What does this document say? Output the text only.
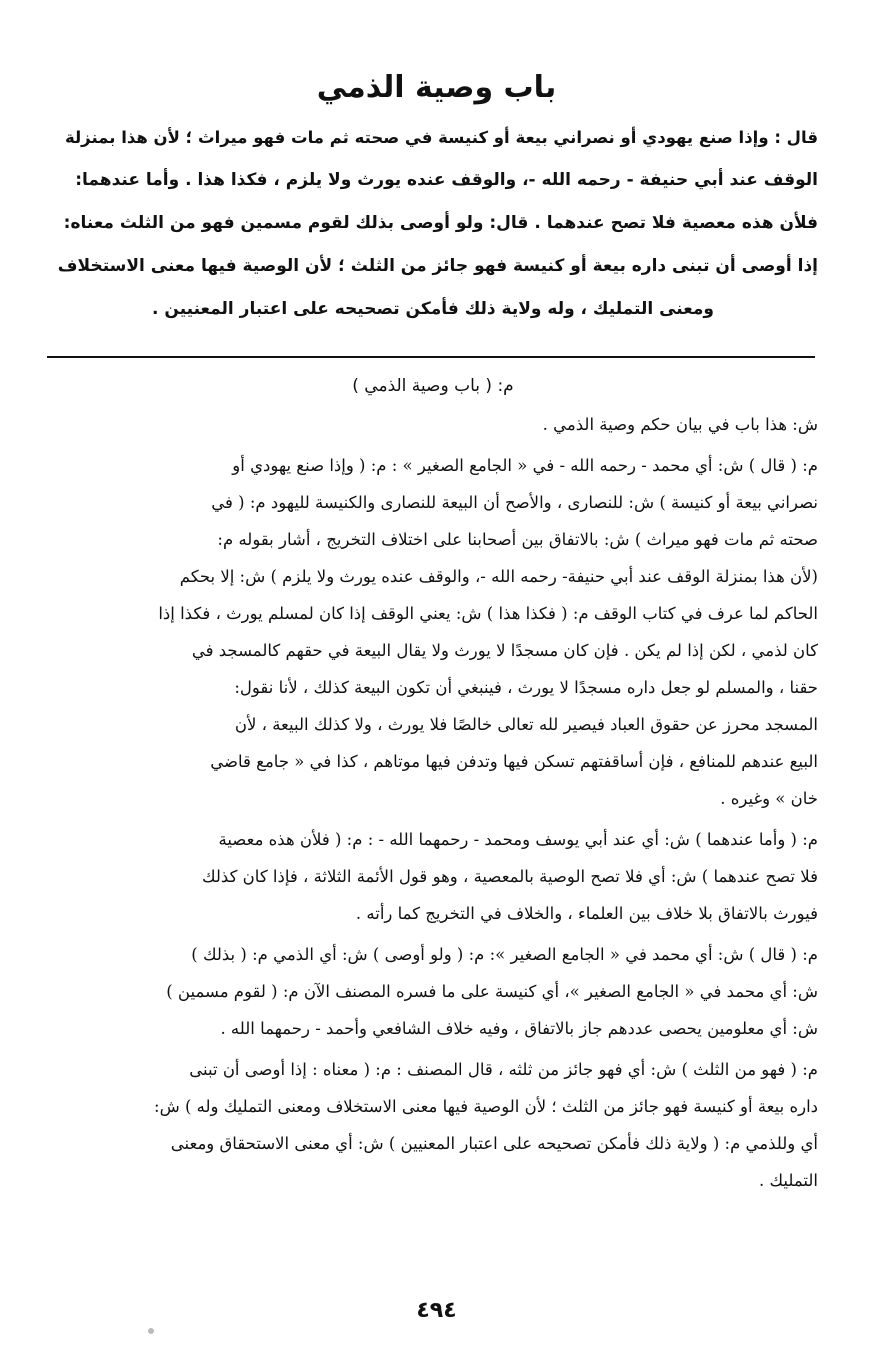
باب وصية الذمي

قال : وإذا صنع يهودي أو نصراني بيعة أو كنيسة في صحته ثم مات فهو ميراث ؛ لأن هذا بمنزلة
الوقف عند أبي حنيفة - رحمه الله -، والوقف عنده يورث ولا يلزم ، فكذا هذا . وأما عندهما:
فلأن هذه معصية فلا تصح عندهما . قال: ولو أوصى بذلك لقوم مسمين فهو من الثلث معناه:
إذا أوصى أن تبنى داره بيعة أو كنيسة فهو جائز من الثلث ؛ لأن الوصية فيها معنى الاستخلاف
ومعنى التمليك ، وله ولاية ذلك فأمكن تصحيحه على اعتبار المعنيين .

م: ( باب وصية الذمي )

ش: هذا باب في بيان حكم وصية الذمي .

م: ( قال ) ش: أي محمد - رحمه الله - في « الجامع الصغير » : م: ( وإذا صنع يهودي أو
نصراني بيعة أو كنيسة ) ش: للنصارى ، والأصح أن البيعة للنصارى والكنيسة لليهود م: ( في
صحته ثم مات فهو ميراث ) ش: بالاتفاق بين أصحابنا على اختلاف التخريج ، أشار بقوله م:
(لأن هذا بمنزلة الوقف عند أبي حنيفة- رحمه الله -، والوقف عنده يورث ولا يلزم ) ش: إلا بحكم
الحاكم لما عرف في كتاب الوقف م: ( فكذا هذا ) ش: يعني الوقف إذا كان لمسلم يورث ، فكذا إذا
كان لذمي ، لكن إذا لم يكن . فإن كان مسجدًا لا يورث ولا يقال البيعة في حقهم كالمسجد في
حقنا ، والمسلم لو جعل داره مسجدًا لا يورث ، فينبغي أن تكون البيعة كذلك ، لأنا نقول:
المسجد محرز عن حقوق العباد فيصير لله تعالى خالصًا فلا يورث ، ولا كذلك البيعة ، لأن
البيع عندهم للمنافع ، فإن أساقفتهم تسكن فيها وتدفن فيها موتاهم ، كذا في « جامع قاضي
خان » وغيره .

م: ( وأما عندهما ) ش: أي عند أبي يوسف ومحمد - رحمهما الله - : م: ( فلأن هذه معصية
فلا تصح عندهما ) ش: أي فلا تصح الوصية بالمعصية ، وهو قول الأئمة الثلاثة ، فإذا كان كذلك
فيورث بالاتفاق بلا خلاف بين العلماء ، والخلاف في التخريج كما رأته .

م: ( قال ) ش: أي محمد في « الجامع الصغير »: م: ( ولو أوصى ) ش: أي الذمي م: ( بذلك )
ش: أي محمد في « الجامع الصغير »، أي كنيسة على ما فسره المصنف الآن م: ( لقوم مسمين )
ش: أي معلومين يحصى عددهم جاز بالاتفاق ، وفيه خلاف الشافعي وأحمد - رحمهما الله .

م: ( فهو من الثلث ) ش: أي فهو جائز من ثلثه ، قال المصنف : م: ( معناه : إذا أوصى أن تبنى
داره بيعة أو كنيسة فهو جائز من الثلث ؛ لأن الوصية فيها معنى الاستخلاف ومعنى التمليك وله ) ش:
أي وللذمي م: ( ولاية ذلك فأمكن تصحيحه على اعتبار المعنيين ) ش: أي معنى الاستحقاق ومعنى
التمليك .

٤٩٤
